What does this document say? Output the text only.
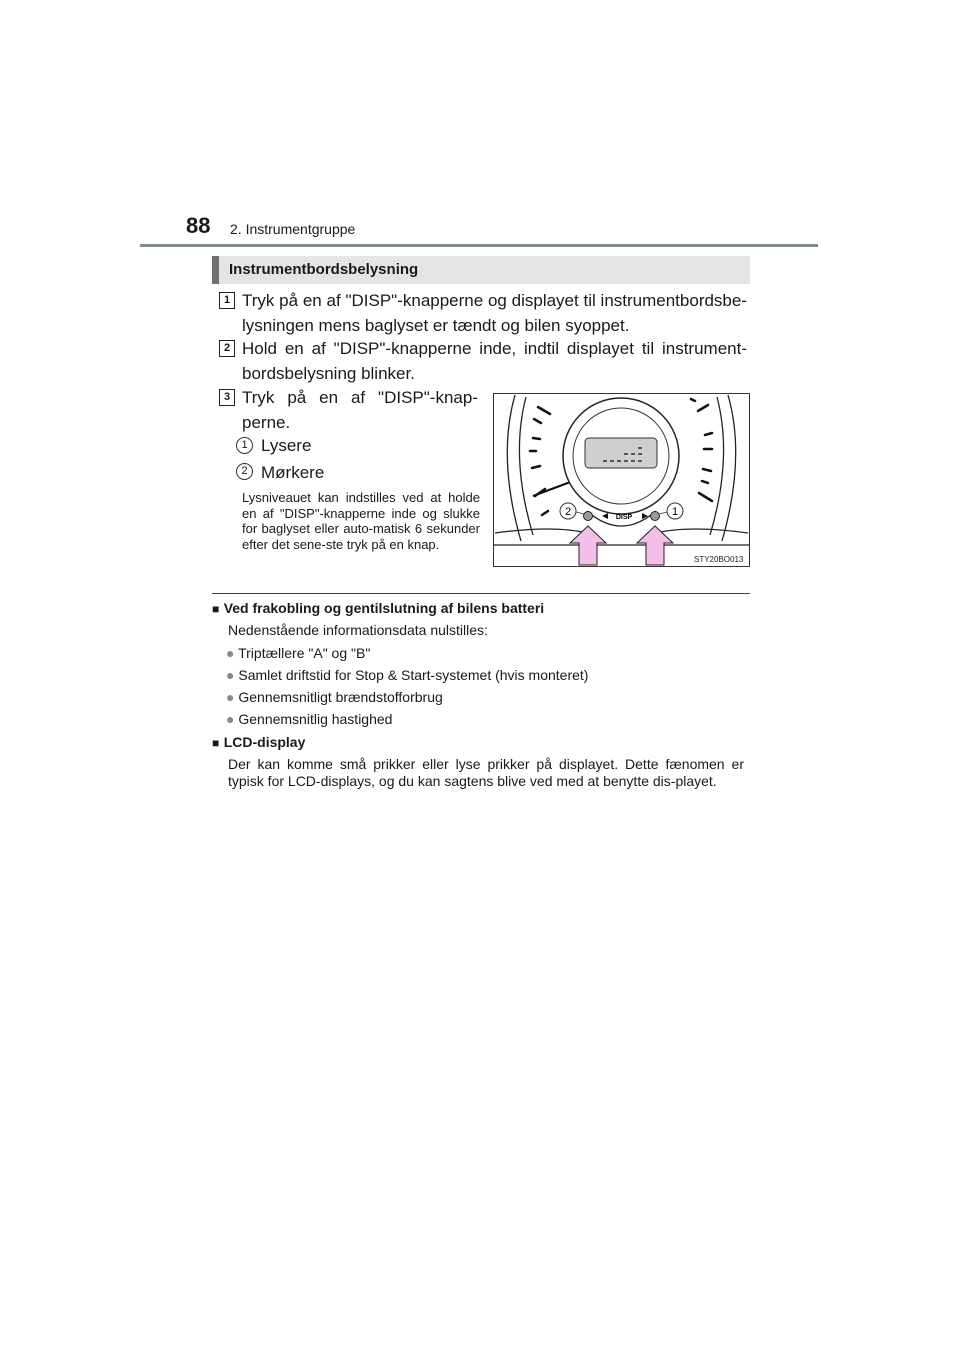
88 2. Instrumentgruppe
Instrumentbordsbelysning
1 Tryk på en af "DISP"-knapperne og displayet til instrumentbordsbe-lysningen mens baglyset er tændt og bilen syoppet.
2 Hold en af "DISP"-knapperne inde, indtil displayet til instrument-bordsbelysning blinker.
3 Tryk på en af "DISP"-knap-perne.
1 Lysere
2 Mørkere
Lysniveauet kan indstilles ved at holde en af "DISP"-knapperne inde og slukke for baglyset eller auto-matisk 6 sekunder efter det sene-ste tryk på en knap.
DISP
2	1
STY20BO013
■ Ved frakobling og gentilslutning af bilens batteri
Nedenstående informationsdata nulstilles:
● Triptællere "A" og "B"
● Samlet driftstid for Stop & Start-systemet (hvis monteret)
● Gennemsnitligt brændstofforbrug
● Gennemsnitlig hastighed
■ LCD-display
Der kan komme små prikker eller lyse prikker på displayet. Dette fænomen er typisk for LCD-displays, og du kan sagtens blive ved med at benytte dis-playet.
